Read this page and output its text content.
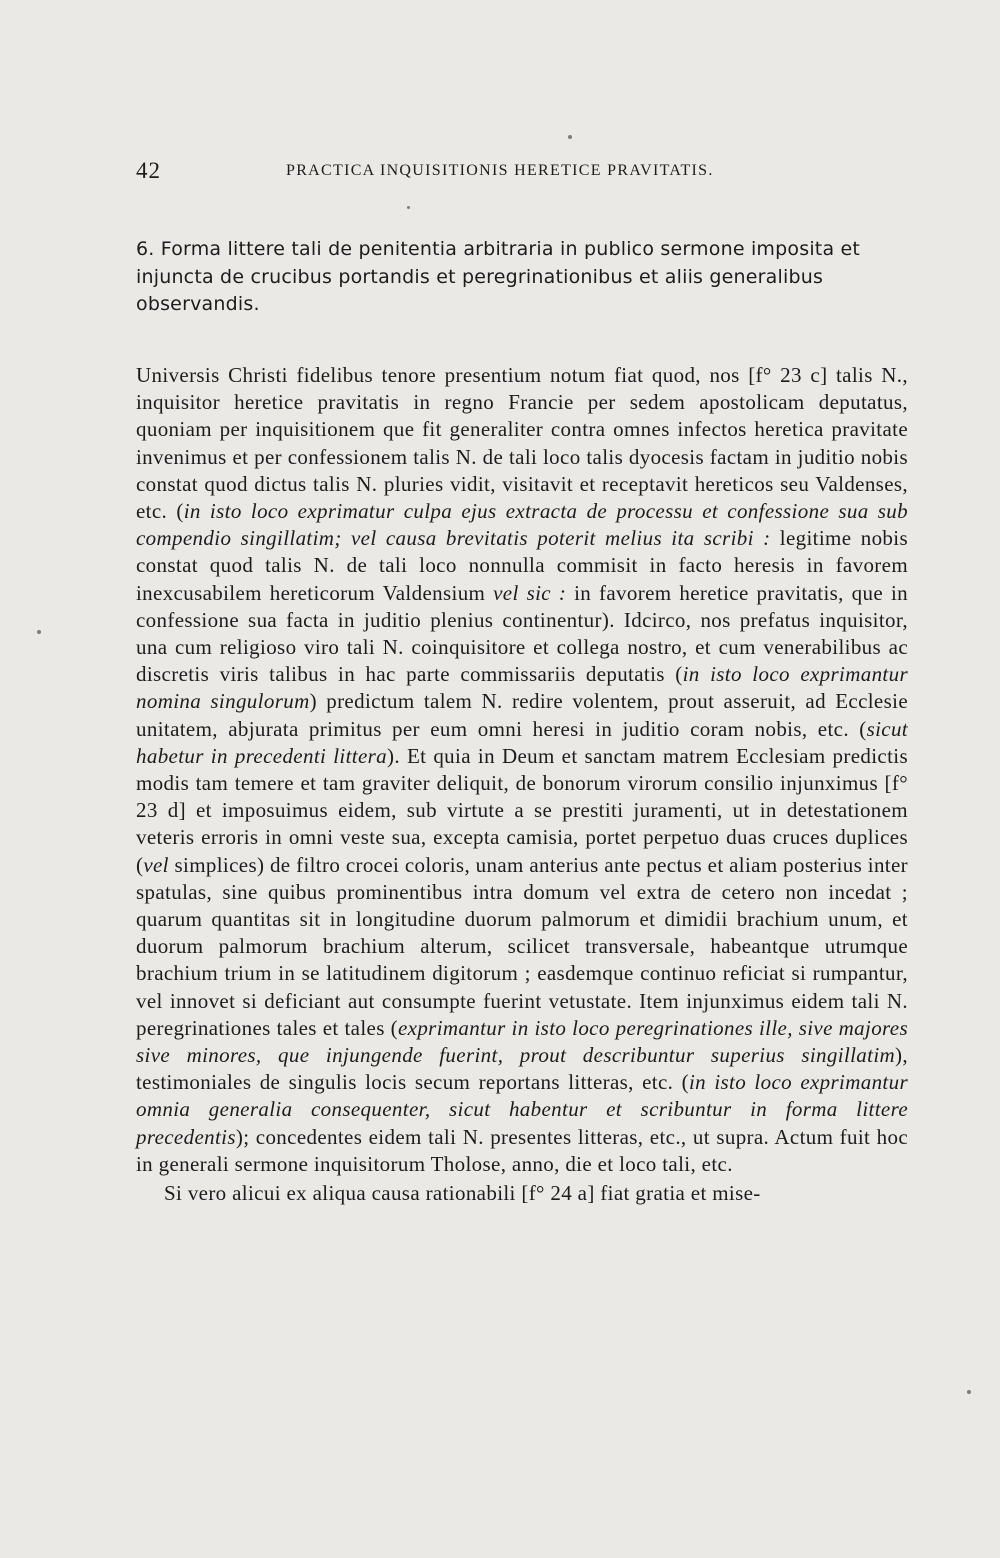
42	PRACTICA INQUISITIONIS HERETICE PRAVITATIS.
6. Forma littere tali de penitentia arbitraria in publico sermone imposita et injuncta de crucibus portandis et peregrinationibus et aliis generalibus observandis.

Universis Christi fidelibus tenore presentium notum fiat quod, nos [f° 23 c] talis N., inquisitor heretice pravitatis in regno Francie per sedem apostolicam deputatus, quoniam per inquisitionem que fit generaliter contra omnes infectos heretica pravitate invenimus et per confessionem talis N. de tali loco talis dyocesis factam in juditio nobis constat quod dictus talis N. pluries vidit, visitavit et receptavit hereticos seu Valdenses, etc. (in isto loco exprimatur culpa ejus extracta de processu et confessione sua sub compendio singillatim; vel causa brevitatis poterit melius ita scribi : legitime nobis constat quod talis N. de tali loco nonnulla commisit in facto heresis in favorem inexcusabilem hereticorum Valdensium vel sic : in favorem heretice pravitatis, que in confessione sua facta in juditio plenius continentur). Idcirco, nos prefatus inquisitor, una cum religioso viro tali N. coinquisitore et collega nostro, et cum venerabilibus ac discretis viris talibus in hac parte commissariis deputatis (in isto loco exprimantur nomina singulorum) predictum talem N. redire volentem, prout asseruit, ad Ecclesie unitatem, abjurata primitus per eum omni heresi in juditio coram nobis, etc. (sicut habetur in precedenti littera). Et quia in Deum et sanctam matrem Ecclesiam predictis modis tam temere et tam graviter deliquit, de bonorum virorum consilio injunximus [f° 23 d] et imposuimus eidem, sub virtute a se prestiti juramenti, ut in detestationem veteris erroris in omni veste sua, excepta camisia, portet perpetuo duas cruces duplices (vel simplices) de filtro crocei coloris, unam anterius ante pectus et aliam posterius inter spatulas, sine quibus prominentibus intra domum vel extra de cetero non incedat ; quarum quantitas sit in longitudine duorum palmorum et dimidii brachium unum, et duorum palmorum brachium alterum, scilicet transversale, habeantque utrumque brachium trium in se latitudinem digitorum ; easdemque continuo reficiat si rumpantur, vel innovet si deficiant aut consumpte fuerint vetustate. Item injunximus eidem tali N. peregrinationes tales et tales (exprimantur in isto loco peregrinationes ille, sive majores sive minores, que injungende fuerint, prout describuntur superius singillatim), testimoniales de singulis locis secum reportans litteras, etc. (in isto loco exprimantur omnia generalia consequenter, sicut habentur et scribuntur in forma littere precedentis); concedentes eidem tali N. presentes litteras, etc., ut supra. Actum fuit hoc in generali sermone inquisitorum Tholose, anno, die et loco tali, etc.

Si vero alicui ex aliqua causa rationabili [f° 24 a] fiat gratia et mise-
